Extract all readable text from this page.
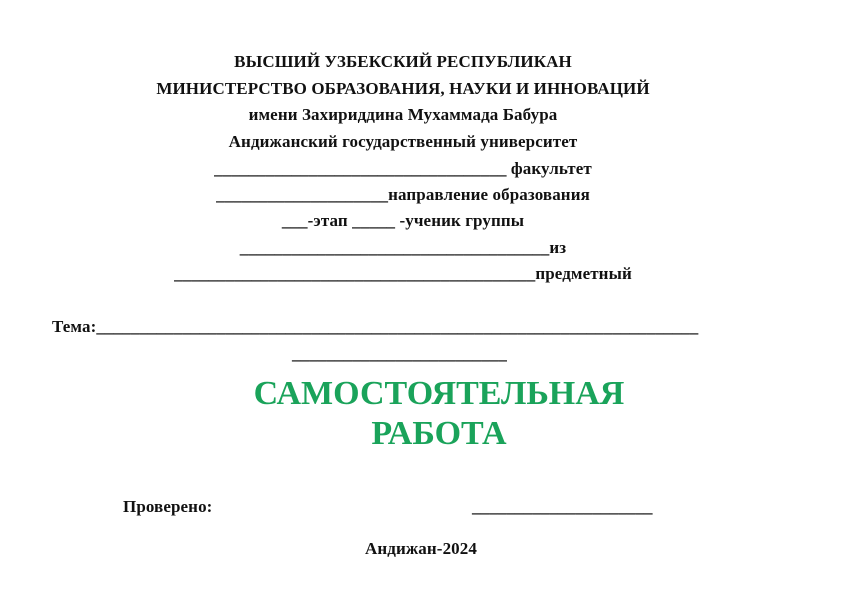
ВЫСШИЙ УЗБЕКСКИЙ РЕСПУБЛИКАН
МИНИСТЕРСТВО ОБРАЗОВАНИЯ, НАУКИ И ИННОВАЦИЙ
имени Захириддина Мухаммада Бабура
Андижанский государственный университет
__________________________________ факультет
____________________направление образования
___-этап _____ -ученик группы
____________________________________из
__________________________________________предметный
Тема:______________________________________________________________________
_________________________
САМОСТОЯТЕЛЬНАЯ
РАБОТА
Проверено:	_____________________
Андижан-2024
